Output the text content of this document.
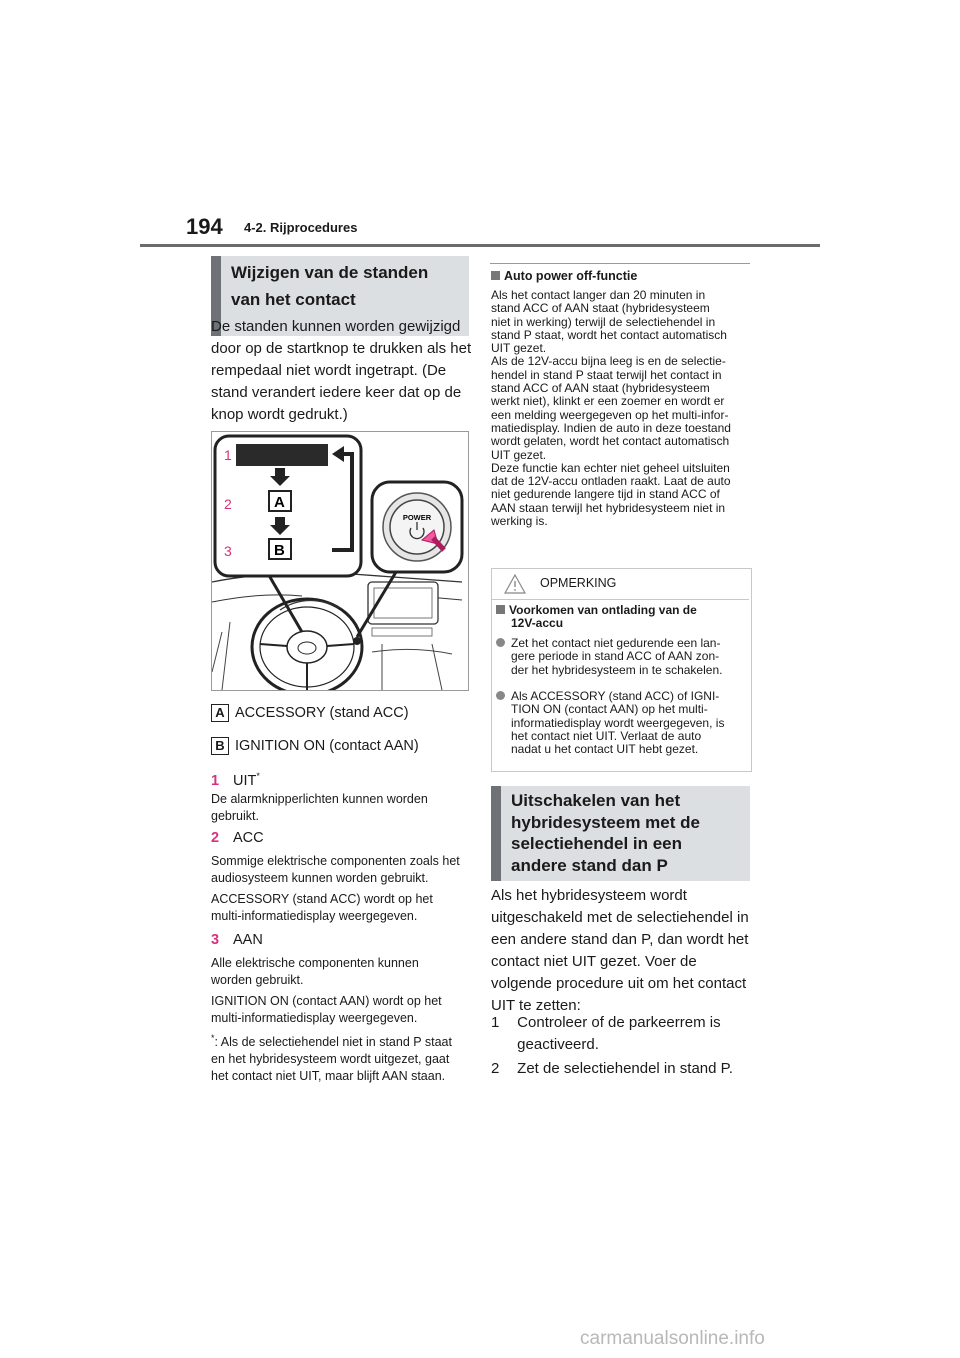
194 4-2. Rijprocedures
Wijzigen van de standen van het contact
De standen kunnen worden gewijzigd door op de startknop te drukken als het rempedaal niet wordt ingetrapt. (De stand verandert iedere keer dat op de knop wordt gedrukt.)
1
A
2
B
3
POWER
A ACCESSORY (stand ACC)
B IGNITION ON (contact AAN)
1 UIT*
De alarmknipperlichten kunnen worden gebruikt.
2 ACC
Sommige elektrische componenten zoals het audiosysteem kunnen worden gebruikt.
ACCESSORY (stand ACC) wordt op het multi-informatiedisplay weergegeven.
3 AAN
Alle elektrische componenten kunnen worden gebruikt.
IGNITION ON (contact AAN) wordt op het multi-informatiedisplay weergegeven.
*: Als de selectiehendel niet in stand P staat en het hybridesysteem wordt uitgezet, gaat het contact niet UIT, maar blijft AAN staan.
Auto power off-functie
Als het contact langer dan 20 minuten in
stand ACC of AAN staat (hybridesysteem
niet in werking) terwijl de selectiehendel in
stand P staat, wordt het contact automatisch
UIT gezet.
Als de 12V-accu bijna leeg is en de selectie-
hendel in stand P staat terwijl het contact in
stand ACC of AAN staat (hybridesysteem
werkt niet), klinkt er een zoemer en wordt er
een melding weergegeven op het multi-infor-
matiedisplay. Indien de auto in deze toestand
wordt gelaten, wordt het contact automatisch
UIT gezet.
Deze functie kan echter niet geheel uitsluiten
dat de 12V-accu ontladen raakt. Laat de auto
niet gedurende langere tijd in stand ACC of
AAN staan terwijl het hybridesysteem niet in
werking is.
OPMERKING
Voorkomen van ontlading van de
12V-accu
Zet het contact niet gedurende een lan-
gere periode in stand ACC of AAN zon-
der het hybridesysteem in te schakelen.
Als ACCESSORY (stand ACC) of IGNI-
TION ON (contact AAN) op het multi-
informatiedisplay wordt weergegeven, is
het contact niet UIT. Verlaat de auto
nadat u het contact UIT hebt gezet.
Uitschakelen van het hybridesysteem met de selectiehendel in een andere stand dan P
Als het hybridesysteem wordt uitgeschakeld met de selectiehendel in een andere stand dan P, dan wordt het contact niet UIT gezet. Voer de volgende procedure uit om het contact UIT te zetten:
1 Controleer of de parkeerrem is geactiveerd.
2 Zet de selectiehendel in stand P.
carmanualsonline.info
